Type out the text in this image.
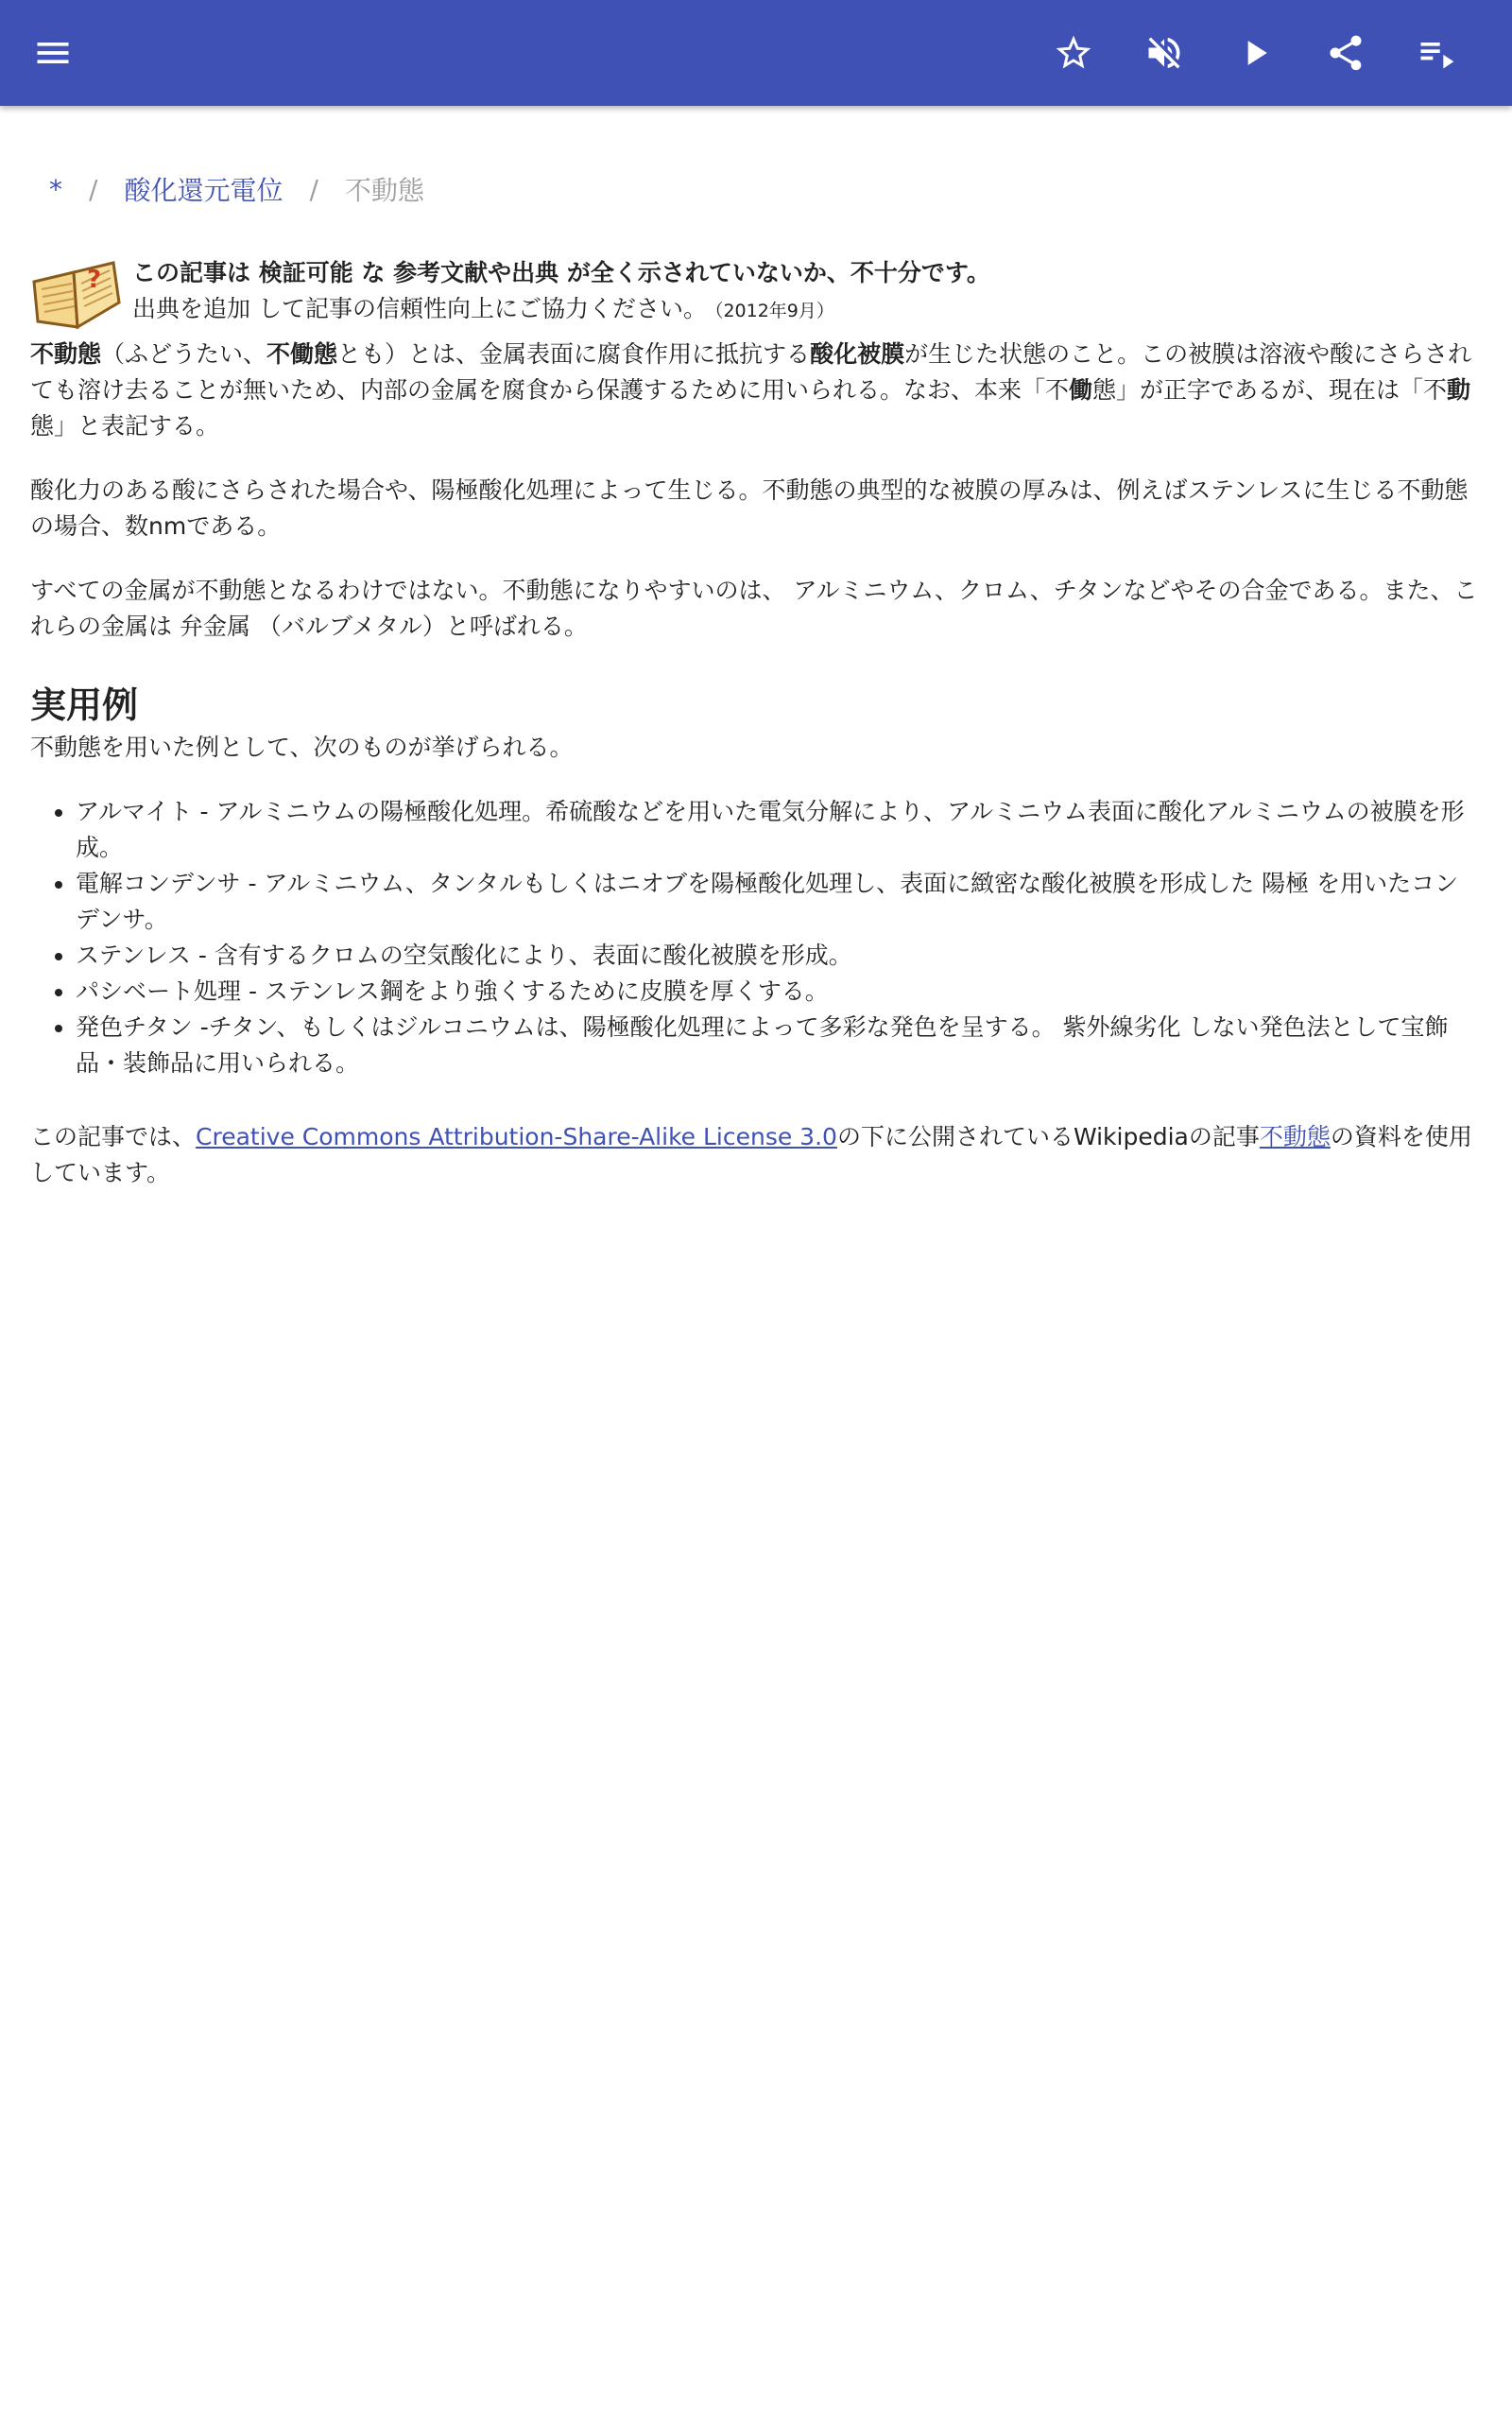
* / 酸化還元電位 / 不動態
? この記事は 検証可能 な 参考文献や出典 が全く示されていないか、不十分です。
出典を追加 して記事の信頼性向上にご協力ください。 （2012年9月）

不動態（ふどうたい、不働態とも）とは、金属表面に腐食作用に抵抗する酸化被膜が生じた状態のこと。この被膜は溶液や酸にさらされても溶け去ることが無いため、内部の金属を腐食から保護するために用いられる。なお、本来「不働態」が正字であるが、現在は「不動態」と表記する。

酸化力のある酸にさらされた場合や、陽極酸化処理によって生じる。不動態の典型的な被膜の厚みは、例えばステンレスに生じる不動態の場合、数nmである。

すべての金属が不動態となるわけではない。不動態になりやすいのは、 アルミニウム、クロム、チタンなどやその合金である。また、これらの金属は 弁金属 （バルブメタル）と呼ばれる。

実用例

不動態を用いた例として、次のものが挙げられる。

• アルマイト - アルミニウムの陽極酸化処理。希硫酸などを用いた電気分解により、アルミニウム表面に酸化アルミニウムの被膜を形成。
• 電解コンデンサ - アルミニウム、タンタルもしくはニオブを陽極酸化処理し、表面に緻密な酸化被膜を形成した 陽極 を用いたコンデンサ。
• ステンレス - 含有するクロムの空気酸化により、表面に酸化被膜を形成。
• パシベート処理 - ステンレス鋼をより強くするために皮膜を厚くする。
• 発色チタン -チタン、もしくはジルコニウムは、陽極酸化処理によって多彩な発色を呈する。 紫外線劣化 しない発色法として宝飾品・装飾品に用いられる。

この記事では、Creative Commons Attribution-Share-Alike License 3.0の下に公開されているWikipediaの記事不動態の資料を使用しています。
